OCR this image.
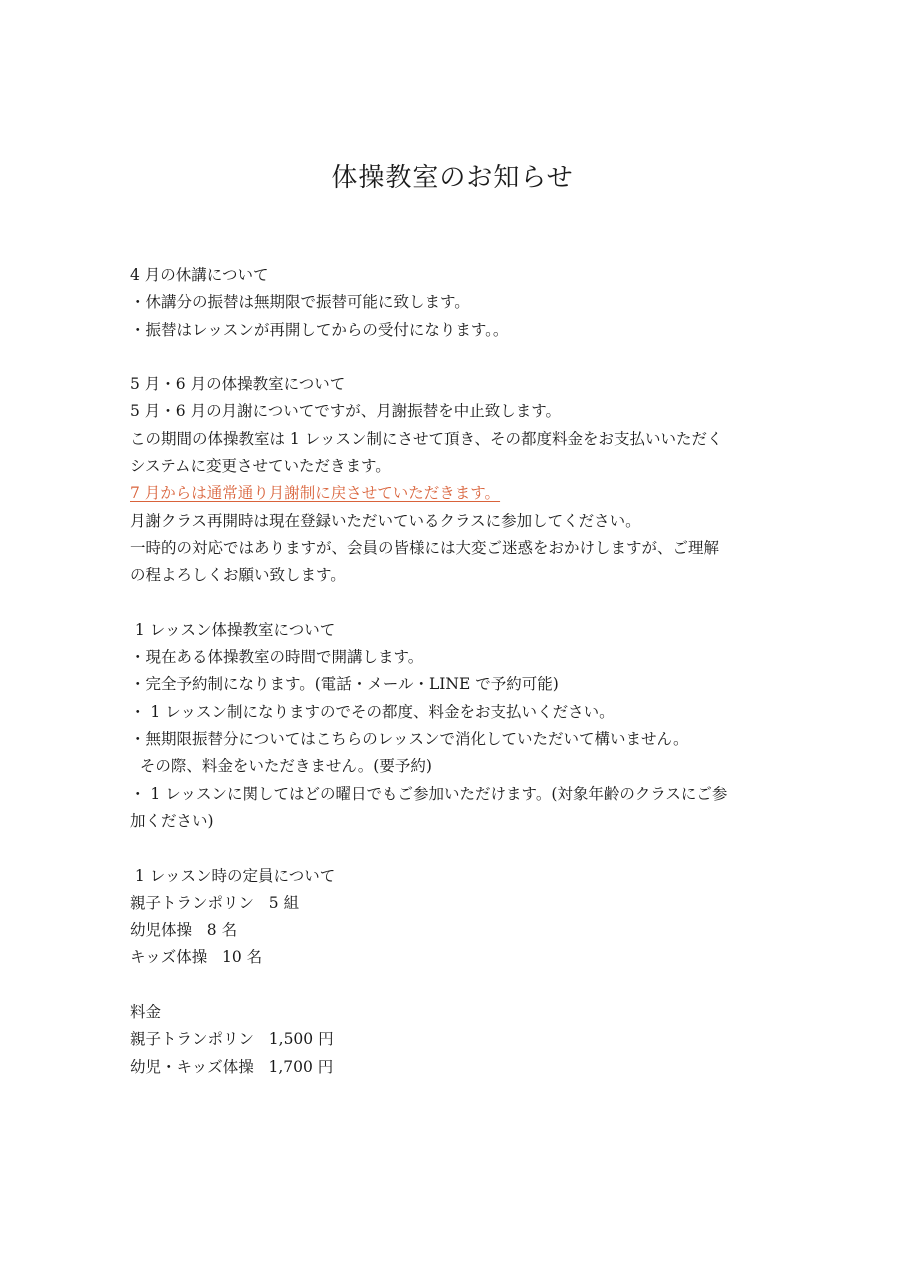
体操教室のお知らせ
4 月の休講について
・休講分の振替は無期限で振替可能に致します。
・振替はレッスンが再開してからの受付になります。。
5 月・6 月の体操教室について
5 月・6 月の月謝についてですが、月謝振替を中止致します。
この期間の体操教室は 1 レッスン制にさせて頂き、その都度料金をお支払いいただく
システムに変更させていただきます。
7 月からは通常通り月謝制に戻させていただきます。
月謝クラス再開時は現在登録いただいているクラスに参加してください。
一時的の対応ではありますが、会員の皆様には大変ご迷惑をおかけしますが、ご理解
の程よろしくお願い致します。
1 レッスン体操教室について
・現在ある体操教室の時間で開講します。
・完全予約制になります。(電話・メール・LINE で予約可能)
・ 1 レッスン制になりますのでその都度、料金をお支払いください。
・無期限振替分についてはこちらのレッスンで消化していただいて構いません。
その際、料金をいただきません。(要予約)
・ 1 レッスンに関してはどの曜日でもご参加いただけます。(対象年齢のクラスにご参
加ください)
1 レッスン時の定員について
親子トランポリン   5 組
幼児体操   8 名
キッズ体操   10 名
料金
親子トランポリン   1,500 円
幼児・キッズ体操   1,700 円
